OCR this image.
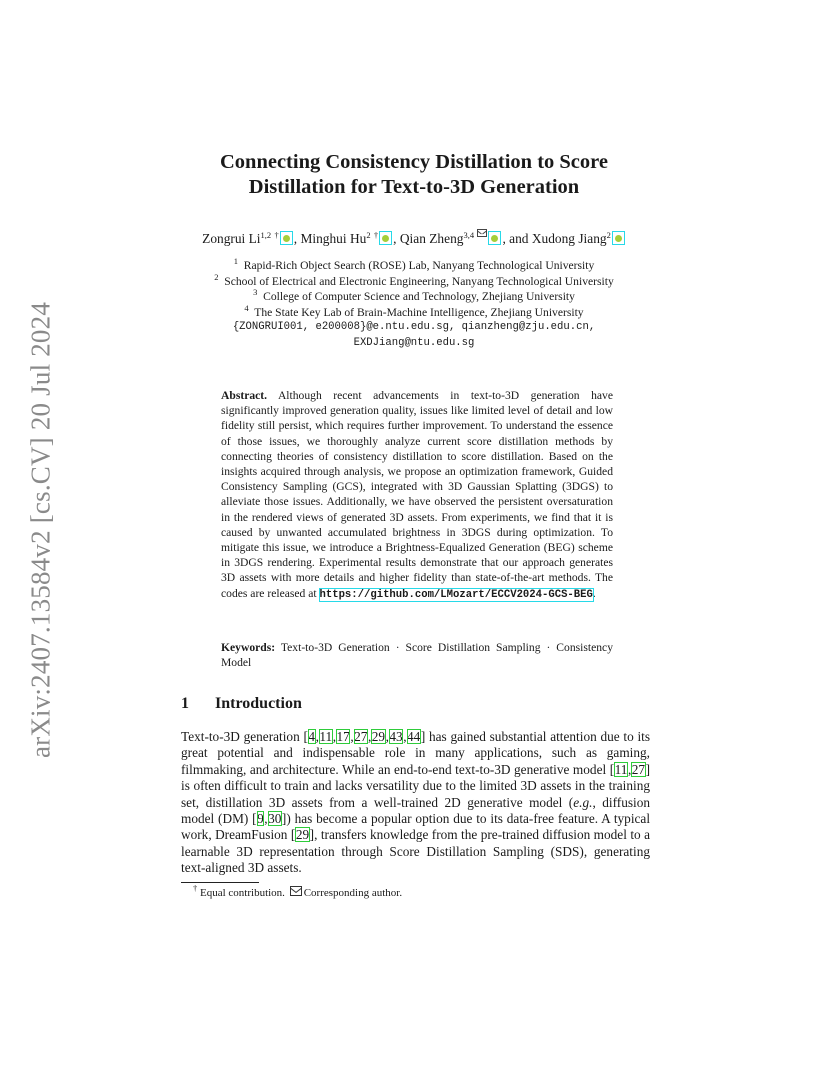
arXiv:2407.13584v2 [cs.CV] 20 Jul 2024
Connecting Consistency Distillation to Score
Distillation for Text-to-3D Generation
Zongrui Li$^{1,2}$ † , Minghui Hu$^2$ † , Qian Zheng$^{3,4}$ , and Xudong Jiang$^2$
$^1$ Rapid-Rich Object Search (ROSE) Lab, Nanyang Technological University
$^2$ School of Electrical and Electronic Engineering, Nanyang Technological University
$^3$ College of Computer Science and Technology, Zhejiang University
$^4$ The State Key Lab of Brain-Machine Intelligence, Zhejiang University
{ZONGRUI001, e200008}@e.ntu.edu.sg, qianzheng@zju.edu.cn,
EXDJiang@ntu.edu.sg
Abstract. Although recent advancements in text-to-3D generation have significantly improved generation quality, issues like limited level of detail and low fidelity still persist, which requires further improvement. To understand the essence of those issues, we thoroughly analyze current score distillation methods by connecting theories of consistency distillation to score distillation. Based on the insights acquired through analysis, we propose an optimization framework, Guided Consistency Sampling (GCS), integrated with 3D Gaussian Splatting (3DGS) to alleviate those issues. Additionally, we have observed the persistent oversaturation in the rendered views of generated 3D assets. From experiments, we find that it is caused by unwanted accumulated brightness in 3DGS during optimization. To mitigate this issue, we introduce a Brightness-Equalized Generation (BEG) scheme in 3DGS rendering. Experimental results demonstrate that our approach generates 3D assets with more details and higher fidelity than state-of-the-art methods. The codes are released at https://github.com/LMozart/ECCV2024-GCS-BEG.
Keywords: Text-to-3D Generation · Score Distillation Sampling · Consistency Model
1 Introduction
Text-to-3D generation [4,11,17,27,29,43,44] has gained substantial attention due to its great potential and indispensable role in many applications, such as gaming, filmmaking, and architecture. While an end-to-end text-to-3D generative model [11,27] is often difficult to train and lacks versatility due to the limited 3D assets in the training set, distillation 3D assets from a well-trained 2D generative model (e.g., diffusion model (DM) [9,30]) has become a popular option due to its data-free feature. A typical work, DreamFusion [29], transfers knowledge from the pre-trained diffusion model to a learnable 3D representation through Score Distillation Sampling (SDS), generating text-aligned 3D assets.
† Equal contribution. Corresponding author.
